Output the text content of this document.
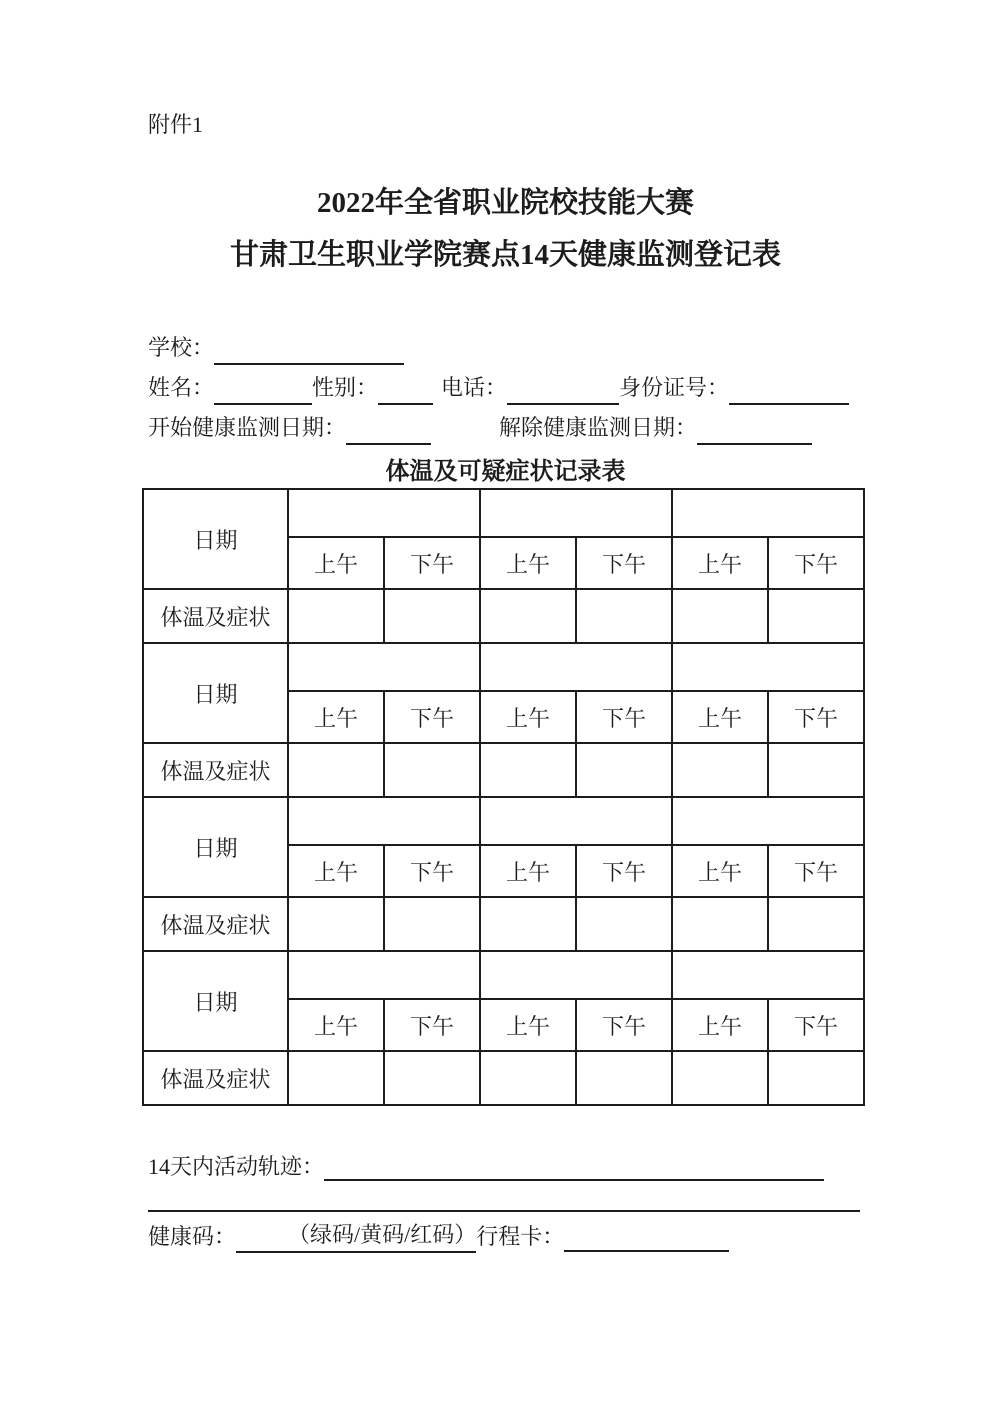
附件1
2022年全省职业院校技能大赛
甘肃卫生职业学院赛点14天健康监测登记表
学校：
姓名：	性别：	电话：	身份证号：
开始健康监测日期：	解除健康监测日期：
体温及可疑症状记录表
日期						
	上午	下午	上午	下午	上午	下午
体温及症状						
日期						
	上午	下午	上午	下午	上午	下午
体温及症状						
日期						
	上午	下午	上午	下午	上午	下午
体温及症状						
日期						
	上午	下午	上午	下午	上午	下午
体温及症状						
14天内活动轨迹：
健康码： （绿码/黄码/红码）行程卡：
